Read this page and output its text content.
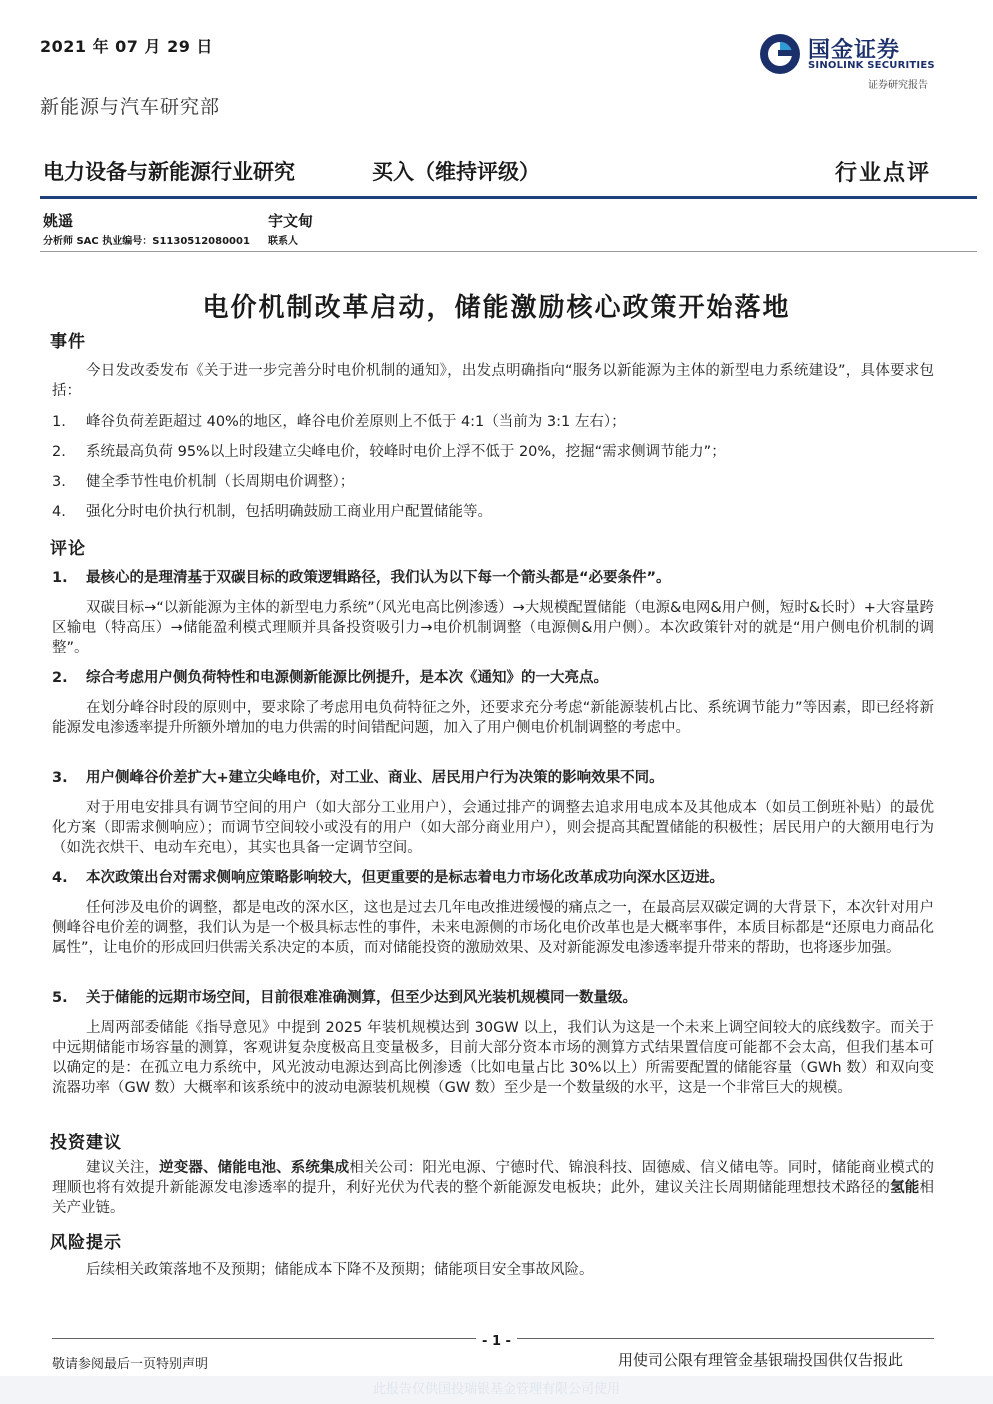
2021 年 07 月 29 日	国金证券
SINOLINK SECURITIES
证券研究报告
新能源与汽车研究部
电力设备与新能源行业研究	买入（维持评级）	行业点评
姚遥
分析师 SAC 执业编号：S1130512080001
宇文甸
联系人
电价机制改革启动，储能激励核心政策开始落地
事件
今日发改委发布《关于进一步完善分时电价机制的通知》，出发点明确指向“服务以新能源为主体的新型电力系统建设”，具体要求包括：
1. 峰谷负荷差距超过 40%的地区，峰谷电价差原则上不低于 4:1（当前为 3:1 左右）；
2. 系统最高负荷 95%以上时段建立尖峰电价，较峰时电价上浮不低于 20%，挖掘“需求侧调节能力”；
3. 健全季节性电价机制（长周期电价调整）；
4. 强化分时电价执行机制，包括明确鼓励工商业用户配置储能等。
评论
1. 最核心的是理清基于双碳目标的政策逻辑路径，我们认为以下每一个箭头都是“必要条件”。
双碳目标→“以新能源为主体的新型电力系统”（风光电高比例渗透）→大规模配置储能（电源&电网&用户侧，短时&长时）+大容量跨区输电（特高压）→储能盈利模式理顺并具备投资吸引力→电价机制调整（电源侧&用户侧）。本次政策针对的就是“用户侧电价机制的调整”。
2. 综合考虑用户侧负荷特性和电源侧新能源比例提升，是本次《通知》的一大亮点。
在划分峰谷时段的原则中，要求除了考虑用电负荷特征之外，还要求充分考虑“新能源装机占比、系统调节能力”等因素，即已经将新能源发电渗透率提升所额外增加的电力供需的时间错配问题，加入了用户侧电价机制调整的考虑中。
3. 用户侧峰谷价差扩大+建立尖峰电价，对工业、商业、居民用户行为决策的影响效果不同。
对于用电安排具有调节空间的用户（如大部分工业用户），会通过排产的调整去追求用电成本及其他成本（如员工倒班补贴）的最优化方案（即需求侧响应）；而调节空间较小或没有的用户（如大部分商业用户），则会提高其配置储能的积极性；居民用户的大额用电行为（如洗衣烘干、电动车充电），其实也具备一定调节空间。
4. 本次政策出台对需求侧响应策略影响较大，但更重要的是标志着电力市场化改革成功向深水区迈进。
任何涉及电价的调整，都是电改的深水区，这也是过去几年电改推进缓慢的痛点之一，在最高层双碳定调的大背景下，本次针对用户侧峰谷电价差的调整，我们认为是一个极具标志性的事件，未来电源侧的市场化电价改革也是大概率事件，本质目标都是“还原电力商品化属性”，让电价的形成回归供需关系决定的本质，而对储能投资的激励效果、及对新能源发电渗透率提升带来的帮助，也将逐步加强。
5. 关于储能的远期市场空间，目前很难准确测算，但至少达到风光装机规模同一数量级。
上周两部委储能《指导意见》中提到 2025 年装机规模达到 30GW 以上，我们认为这是一个未来上调空间较大的底线数字。而关于中远期储能市场容量的测算，客观讲复杂度极高且变量极多，目前大部分资本市场的测算方式结果置信度可能都不会太高，但我们基本可以确定的是：在孤立电力系统中，风光波动电源达到高比例渗透（比如电量占比 30%以上）所需要配置的储能容量（GWh 数）和双向变流器功率（GW 数）大概率和该系统中的波动电源装机规模（GW 数）至少是一个数量级的水平，这是一个非常巨大的规模。
投资建议
建议关注，逆变器、储能电池、系统集成相关公司：阳光电源、宁德时代、锦浪科技、固德威、信义储电等。同时，储能商业模式的理顺也将有效提升新能源发电渗透率的提升，利好光伏为代表的整个新能源发电板块；此外，建议关注长周期储能理想技术路径的氢能相关产业链。
风险提示
后续相关政策落地不及预期；储能成本下降不及预期；储能项目安全事故风险。
- 1 -
敬请参阅最后一页特别声明	用使司公限有理管金基银瑞投国供仅告报此
此报告仅供国投瑞银基金管理有限公司使用
